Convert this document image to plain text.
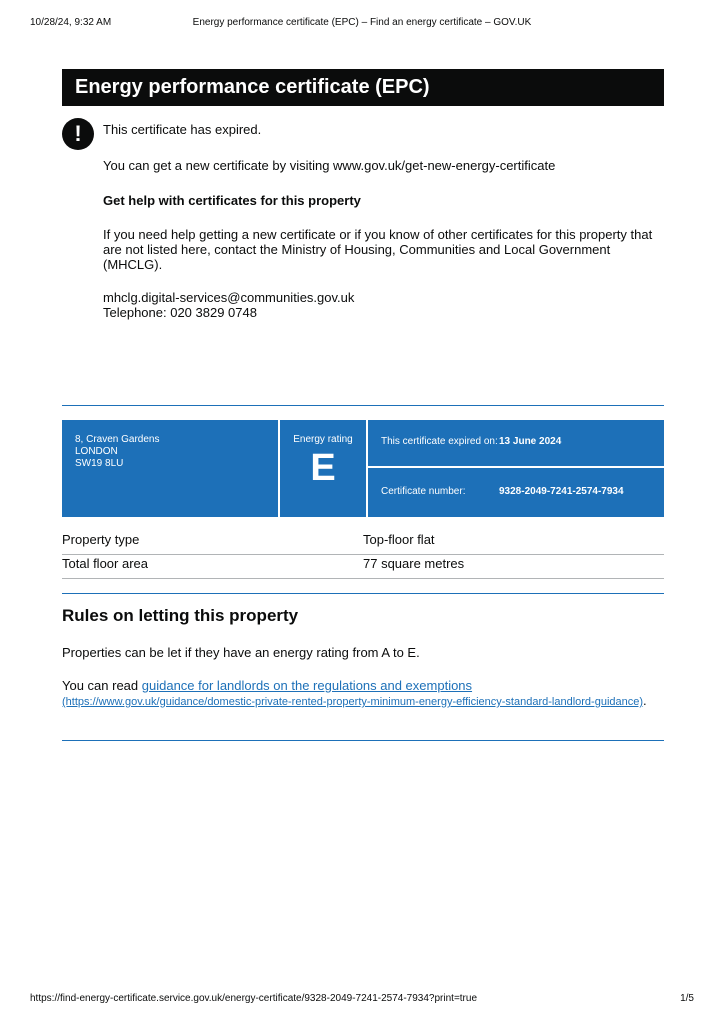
10/28/24, 9:32 AM	Energy performance certificate (EPC) – Find an energy certificate – GOV.UK
Energy performance certificate (EPC)
!	This certificate has expired.

You can get a new certificate by visiting www.gov.uk/get-new-energy-certificate

Get help with certificates for this property

If you need help getting a new certificate or if you know of other certificates for this property that are not listed here, contact the Ministry of Housing, Communities and Local Government (MHCLG).

mhclg.digital-services@communities.gov.uk
Telephone: 020 3829 0748

8, Craven Gardens
LONDON
SW19 8LU
Energy rating
E
This certificate expired on: 13 June 2024
Certificate number:	9328-2049-7241-2574-7934
Property type	Top-floor flat
Total floor area	77 square metres
Rules on letting this property

Properties can be let if they have an energy rating from A to E.

You can read guidance for landlords on the regulations and exemptions
(https://www.gov.uk/guidance/domestic-private-rented-property-minimum-energy-efficiency-standard-landlord-guidance).

https://find-energy-certificate.service.gov.uk/energy-certificate/9328-2049-7241-2574-7934?print=true	1/5
